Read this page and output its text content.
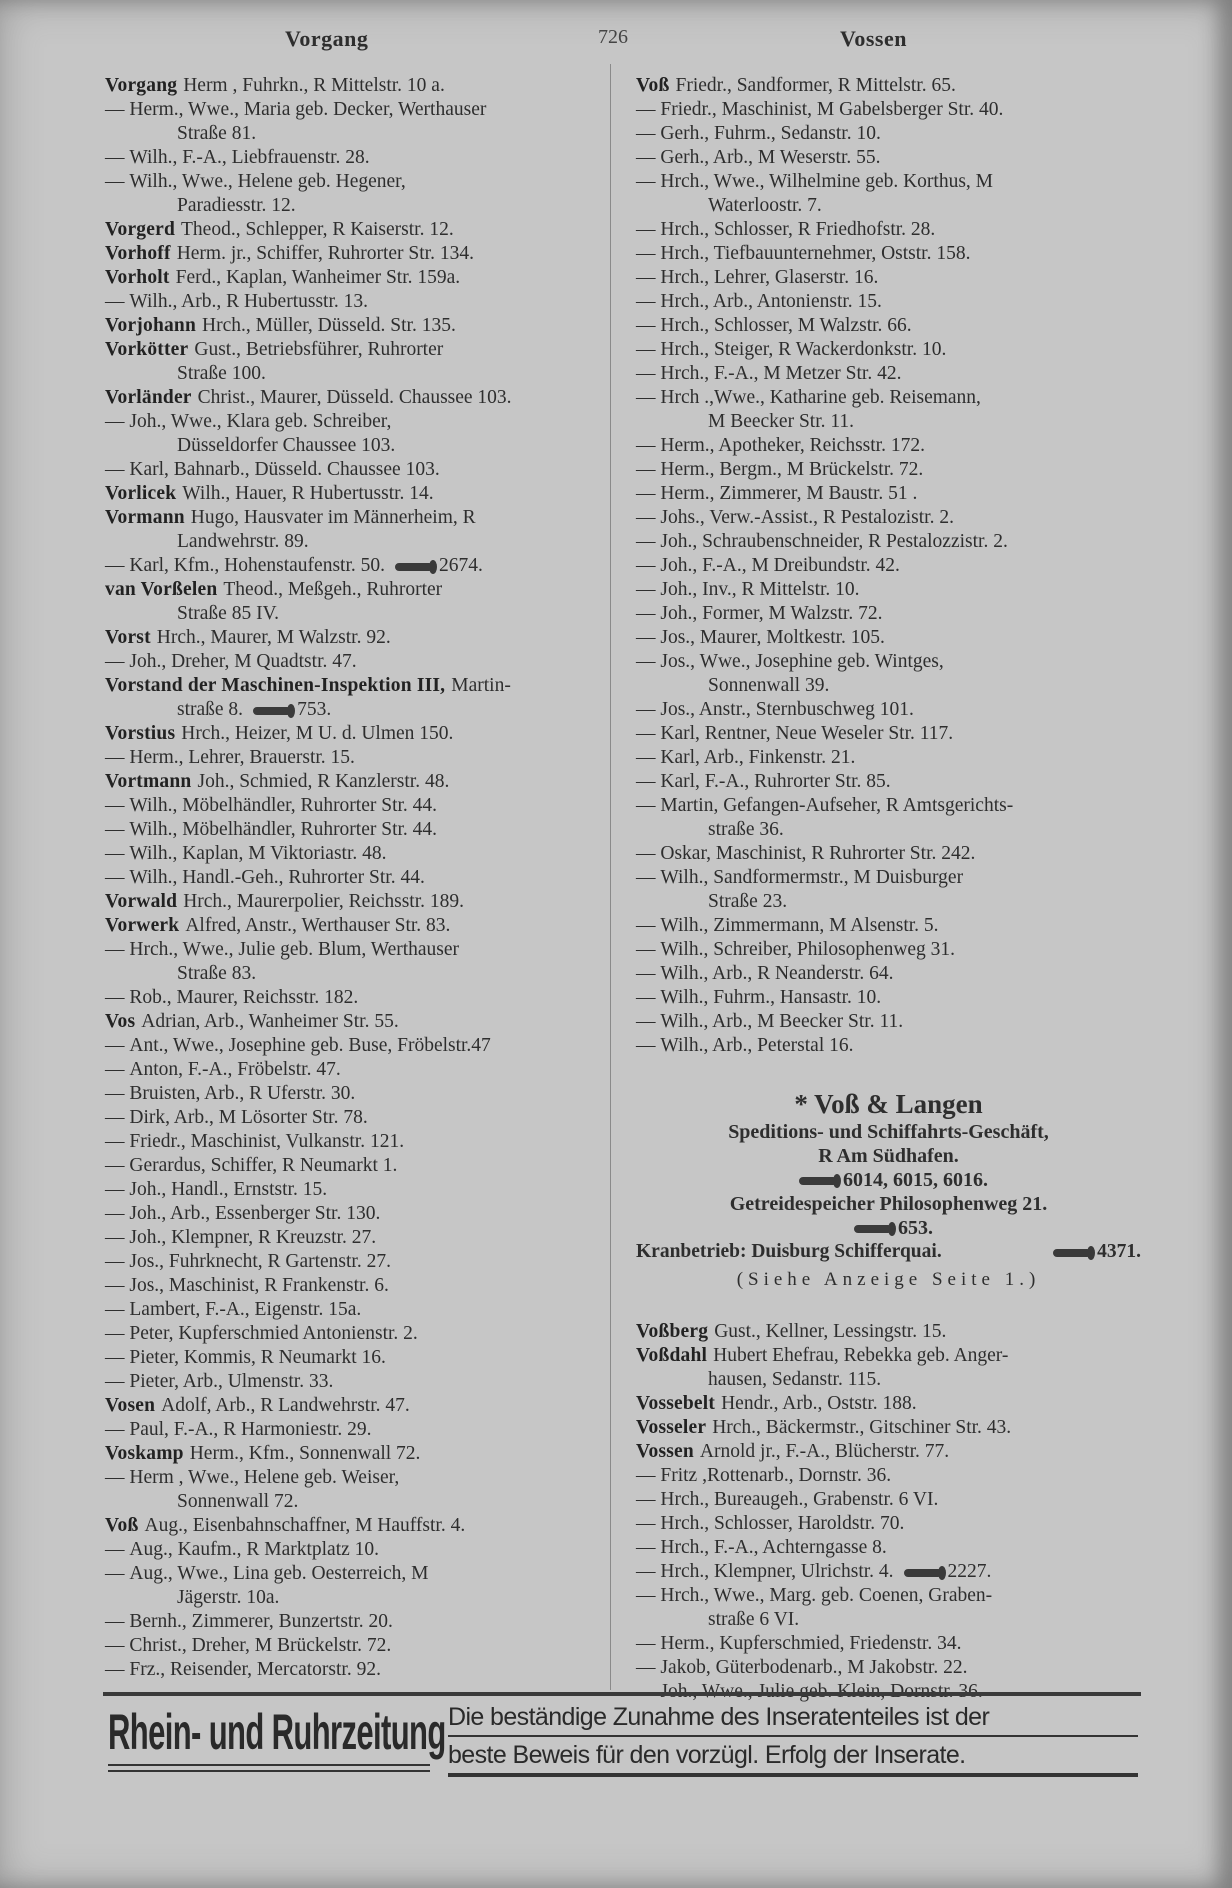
Vorgang	726	Vossen
Vorgang Herm , Fuhrkn., R Mittelstr. 10 a.
— Herm., Wwe., Maria geb. Decker, Werthauser
Straße 81.
— Wilh., F.-A., Liebfrauenstr. 28.
— Wilh., Wwe., Helene geb. Hegener,
Paradiesstr. 12.
Vorgerd Theod., Schlepper, R Kaiserstr. 12.
Vorhoff Herm. jr., Schiffer, Ruhrorter Str. 134.
Vorholt Ferd., Kaplan, Wanheimer Str. 159a.
— Wilh., Arb., R Hubertusstr. 13.
Vorjohann Hrch., Müller, Düsseld. Str. 135.
Vorkötter Gust., Betriebsführer, Ruhrorter
Straße 100.
Vorländer Christ., Maurer, Düsseld. Chaussee 103.
— Joh., Wwe., Klara geb. Schreiber,
Düsseldorfer Chaussee 103.
— Karl, Bahnarb., Düsseld. Chaussee 103.
Vorlicek Wilh., Hauer, R Hubertusstr. 14.
Vormann Hugo, Hausvater im Männerheim, R
Landwehrstr. 89.
— Karl, Kfm., Hohenstaufenstr. 50.	2674.
van Vorßelen Theod., Meßgeh., Ruhrorter
Straße 85 IV.
Vorst Hrch., Maurer, M Walzstr. 92.
— Joh., Dreher, M Quadtstr. 47.
Vorstand der Maschinen-Inspektion III, Martin-
straße 8.	753.
Vorstius Hrch., Heizer, M U. d. Ulmen 150.
— Herm., Lehrer, Brauerstr. 15.
Vortmann Joh., Schmied, R Kanzlerstr. 48.
— Wilh., Möbelhändler, Ruhrorter Str. 44.
— Wilh., Möbelhändler, Ruhrorter Str. 44.
— Wilh., Kaplan, M Viktoriastr. 48.
— Wilh., Handl.-Geh., Ruhrorter Str. 44.
Vorwald Hrch., Maurerpolier, Reichsstr. 189.
Vorwerk Alfred, Anstr., Werthauser Str. 83.
— Hrch., Wwe., Julie geb. Blum, Werthauser
Straße 83.
— Rob., Maurer, Reichsstr. 182.
Vos Adrian, Arb., Wanheimer Str. 55.
— Ant., Wwe., Josephine geb. Buse, Fröbelstr.47
— Anton, F.-A., Fröbelstr. 47.
— Bruisten, Arb., R Uferstr. 30.
— Dirk, Arb., M Lösorter Str. 78.
— Friedr., Maschinist, Vulkanstr. 121.
— Gerardus, Schiffer, R Neumarkt 1.
— Joh., Handl., Ernststr. 15.
— Joh., Arb., Essenberger Str. 130.
— Joh., Klempner, R Kreuzstr. 27.
— Jos., Fuhrknecht, R Gartenstr. 27.
— Jos., Maschinist, R Frankenstr. 6.
— Lambert, F.-A., Eigenstr. 15a.
— Peter, Kupferschmied Antonienstr. 2.
— Pieter, Kommis, R Neumarkt 16.
— Pieter, Arb., Ulmenstr. 33.
Vosen Adolf, Arb., R Landwehrstr. 47.
— Paul, F.-A., R Harmoniestr. 29.
Voskamp Herm., Kfm., Sonnenwall 72.
— Herm , Wwe., Helene geb. Weiser,
Sonnenwall 72.
Voß Aug., Eisenbahnschaffner, M Hauffstr. 4.
— Aug., Kaufm., R Marktplatz 10.
— Aug., Wwe., Lina geb. Oesterreich, M
Jägerstr. 10a.
— Bernh., Zimmerer, Bunzertstr. 20.
— Christ., Dreher, M Brückelstr. 72.
— Frz., Reisender, Mercatorstr. 92.
Voß Friedr., Sandformer, R Mittelstr. 65.
— Friedr., Maschinist, M Gabelsberger Str. 40.
— Gerh., Fuhrm., Sedanstr. 10.
— Gerh., Arb., M Weserstr. 55.
— Hrch., Wwe., Wilhelmine geb. Korthus, M
Waterloostr. 7.
— Hrch., Schlosser, R Friedhofstr. 28.
— Hrch., Tiefbauunternehmer, Oststr. 158.
— Hrch., Lehrer, Glaserstr. 16.
— Hrch., Arb., Antonienstr. 15.
— Hrch., Schlosser, M Walzstr. 66.
— Hrch., Steiger, R Wackerdonkstr. 10.
— Hrch., F.-A., M Metzer Str. 42.
— Hrch .,Wwe., Katharine geb. Reisemann,
M Beecker Str. 11.
— Herm., Apotheker, Reichsstr. 172.
— Herm., Bergm., M Brückelstr. 72.
— Herm., Zimmerer, M Baustr. 51 .
— Johs., Verw.-Assist., R Pestalozistr. 2.
— Joh., Schraubenschneider, R Pestalozzistr. 2.
— Joh., F.-A., M Dreibundstr. 42.
— Joh., Inv., R Mittelstr. 10.
— Joh., Former, M Walzstr. 72.
— Jos., Maurer, Moltkestr. 105.
— Jos., Wwe., Josephine geb. Wintges,
Sonnenwall 39.
— Jos., Anstr., Sternbuschweg 101.
— Karl, Rentner, Neue Weseler Str. 117.
— Karl, Arb., Finkenstr. 21.
— Karl, F.-A., Ruhrorter Str. 85.
— Martin, Gefangen-Aufseher, R Amtsgerichts-
straße 36.
— Oskar, Maschinist, R Ruhrorter Str. 242.
— Wilh., Sandformermstr., M Duisburger
Straße 23.
— Wilh., Zimmermann, M Alsenstr. 5.
— Wilh., Schreiber, Philosophenweg 31.
— Wilh., Arb., R Neanderstr. 64.
— Wilh., Fuhrm., Hansastr. 10.
— Wilh., Arb., M Beecker Str. 11.
— Wilh., Arb., Peterstal 16.
* Voß & Langen
Speditions- und Schiffahrts-Geschäft,
R Am Südhafen.
6014, 6015, 6016.
Getreidespeicher Philosophenweg 21.
653.
Kranbetrieb: Duisburg Schifferquai.	4371.
(Siehe Anzeige Seite 1.)
Voßberg Gust., Kellner, Lessingstr. 15.
Voßdahl Hubert Ehefrau, Rebekka geb. Anger-
hausen, Sedanstr. 115.
Vossebelt Hendr., Arb., Oststr. 188.
Vosseler Hrch., Bäckermstr., Gitschiner Str. 43.
Vossen Arnold jr., F.-A., Blücherstr. 77.
— Fritz ,Rottenarb., Dornstr. 36.
— Hrch., Bureaugeh., Grabenstr. 6 VI.
— Hrch., Schlosser, Haroldstr. 70.
— Hrch., F.-A., Achterngasse 8.
— Hrch., Klempner, Ulrichstr. 4.	2227.
— Hrch., Wwe., Marg. geb. Coenen, Graben-
straße 6 VI.
— Herm., Kupferschmied, Friedenstr. 34.
— Jakob, Güterbodenarb., M Jakobstr. 22.
—
Rhein- und Ruhrzeitung Die beständige Zunahme des Inseratenteiles ist der
beste Beweis für den vorzügl. Erfolg der Inserate.
